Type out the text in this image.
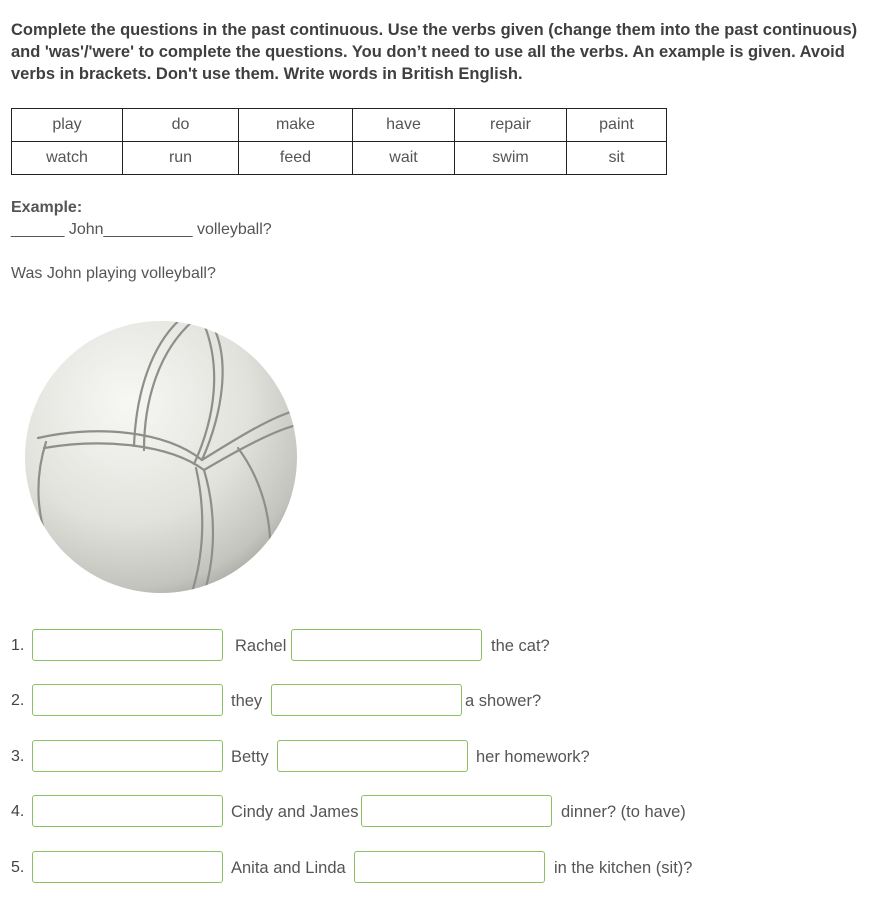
Complete the questions in the past continuous. Use the verbs given (change them into the past continuous) and 'was'/'were' to complete the questions. You don’t need to use all the verbs. An example is given. Avoid verbs in brackets. Don't use them. Write words in British English.

play	do	make	have	repair	paint
watch	run	feed	wait	swim	sit
Example:
______ John__________ volleyball?
Was John playing volleyball?
1.	Rachel	the cat?
2.	they	a shower?
3.	Betty	her homework?
4.	Cindy and James	dinner? (to have)
5.	Anita and Linda	in the kitchen (sit)?
